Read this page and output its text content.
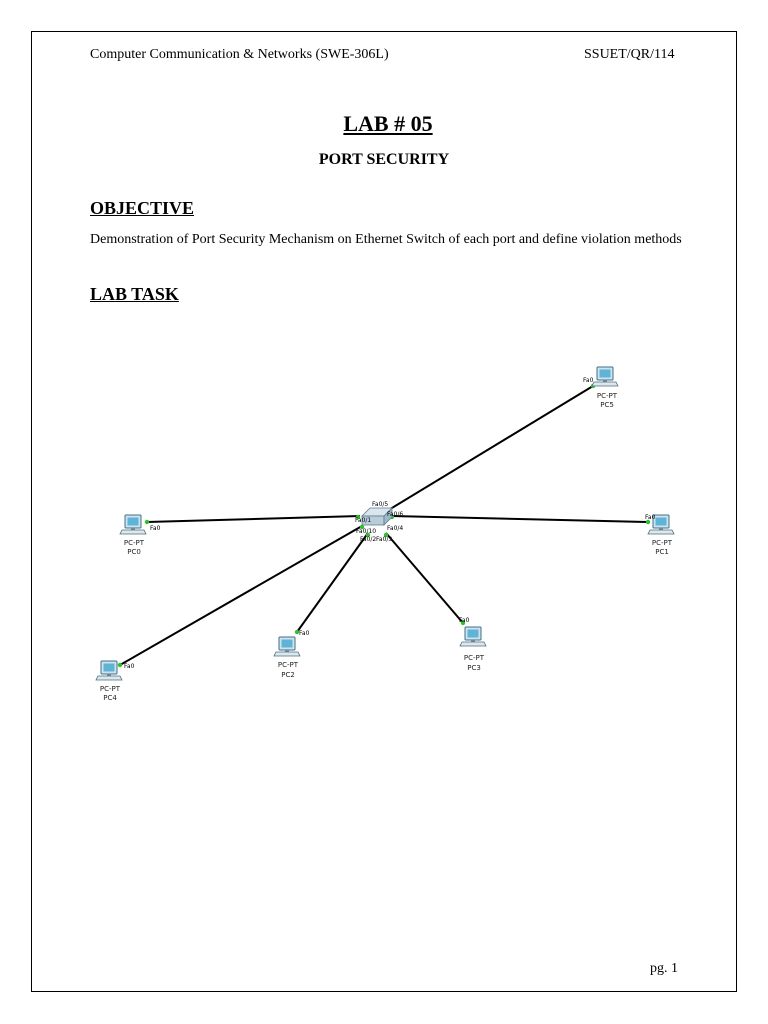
Computer Communication & Networks (SWE-306L)	SSUET/QR/114
LAB # 05
PORT SECURITY
OBJECTIVE
Demonstration of Port Security Mechanism on Ethernet Switch of each port and define violation methods
LAB TASK
Fa0/5
Fa0/6
Fa0/1
Fa0/4
Fa0/10
Fa0/2 Fa0/3
Fa0
PC-PT
PC5
Fa0
PC-PT
PC0
Fa0
PC-PT
PC1
Fa0
PC-PT
PC4
Fa0
PC-PT
PC2
Fa0
PC-PT
PC3
pg. 1
